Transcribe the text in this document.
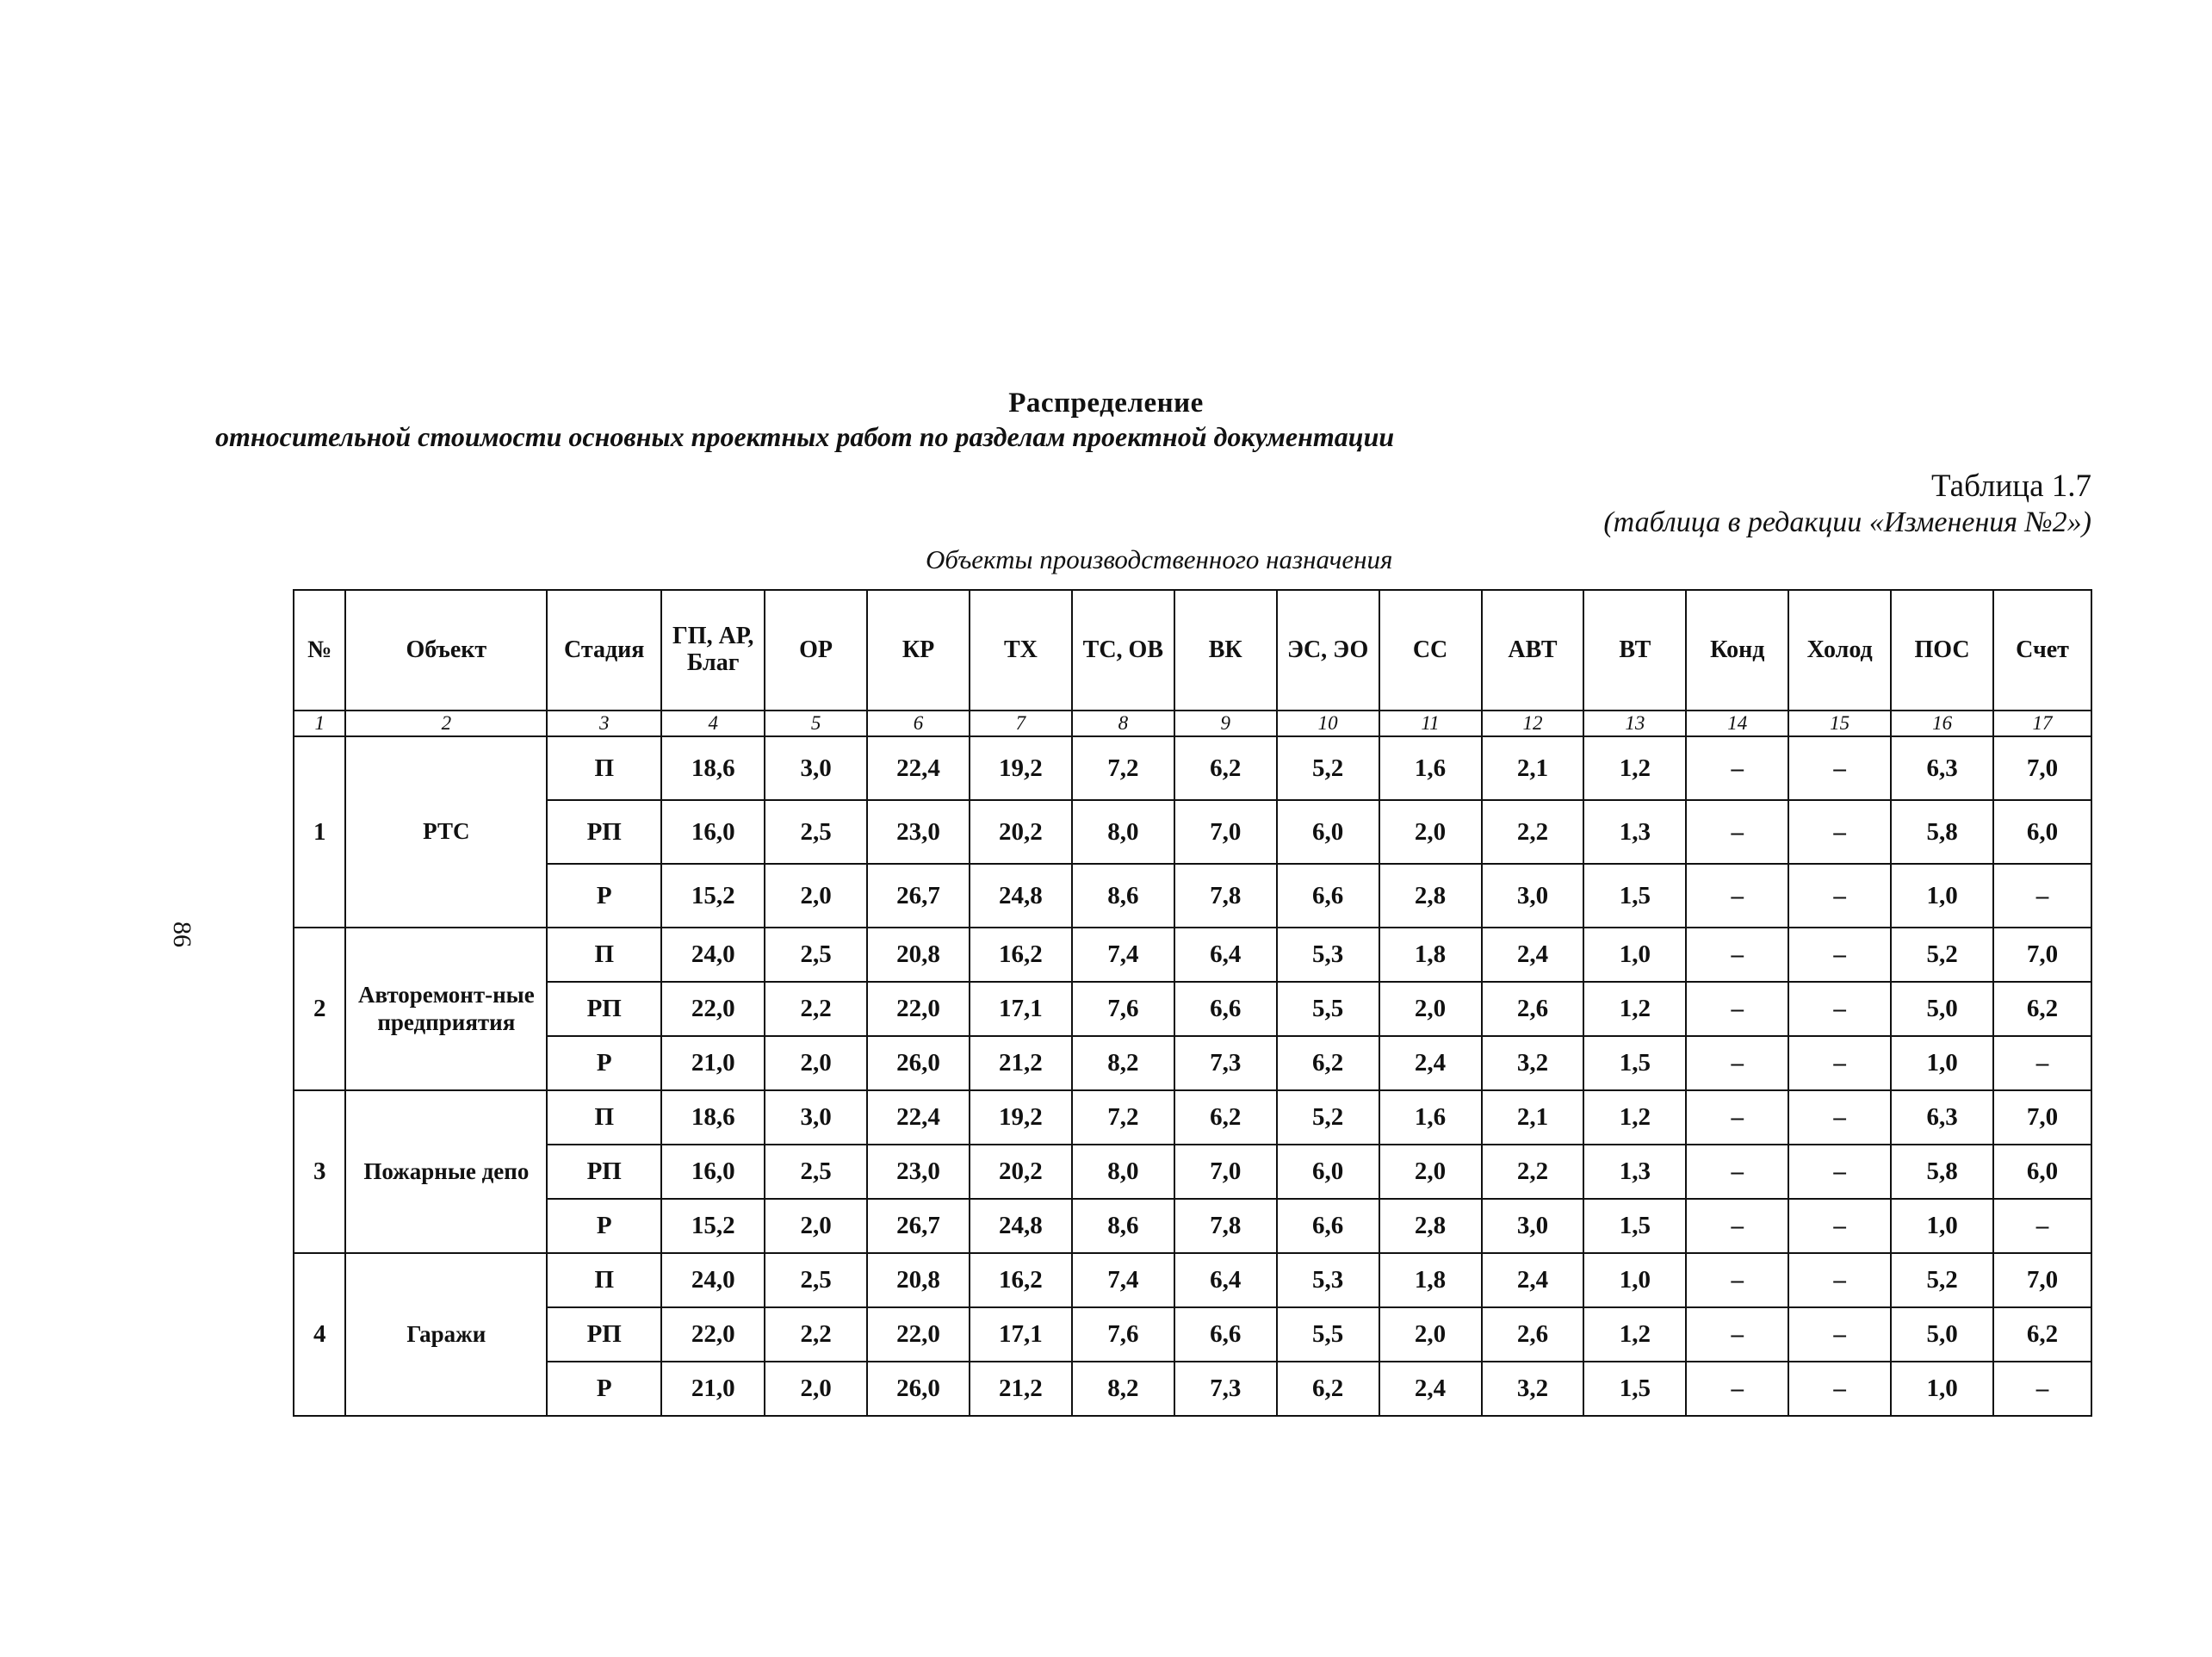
Распределение
относительной стоимости основных проектных работ по разделам проектной документации
Таблица 1.7
(таблица в редакции «Изменения №2»)
Объекты производственного назначения
86
№	Объект	Стадия	ГП, АР, Благ	ОР	КР	ТХ	ТС, ОВ	ВК	ЭС, ЭО	СС	АВТ	ВТ	Конд	Холод	ПОС	Счет
1	2	3	4	5	6	7	8	9	10	11	12	13	14	15	16	17
1	РТС	П	18,6	3,0	22,4	19,2	7,2	6,2	5,2	1,6	2,1	1,2	–	–	6,3	7,0
		РП	16,0	2,5	23,0	20,2	8,0	7,0	6,0	2,0	2,2	1,3	–	–	5,8	6,0
		Р	15,2	2,0	26,7	24,8	8,6	7,8	6,6	2,8	3,0	1,5	–	–	1,0	–
2	Авторемонт-ные предприятия	П	24,0	2,5	20,8	16,2	7,4	6,4	5,3	1,8	2,4	1,0	–	–	5,2	7,0
		РП	22,0	2,2	22,0	17,1	7,6	6,6	5,5	2,0	2,6	1,2	–	–	5,0	6,2
		Р	21,0	2,0	26,0	21,2	8,2	7,3	6,2	2,4	3,2	1,5	–	–	1,0	–
3	Пожарные депо	П	18,6	3,0	22,4	19,2	7,2	6,2	5,2	1,6	2,1	1,2	–	–	6,3	7,0
		РП	16,0	2,5	23,0	20,2	8,0	7,0	6,0	2,0	2,2	1,3	–	–	5,8	6,0
		Р	15,2	2,0	26,7	24,8	8,6	7,8	6,6	2,8	3,0	1,5	–	–	1,0	–
4	Гаражи	П	24,0	2,5	20,8	16,2	7,4	6,4	5,3	1,8	2,4	1,0	–	–	5,2	7,0
		РП	22,0	2,2	22,0	17,1	7,6	6,6	5,5	2,0	2,6	1,2	–	–	5,0	6,2
		Р	21,0	2,0	26,0	21,2	8,2	7,3	6,2	2,4	3,2	1,5	–	–	1,0	–
